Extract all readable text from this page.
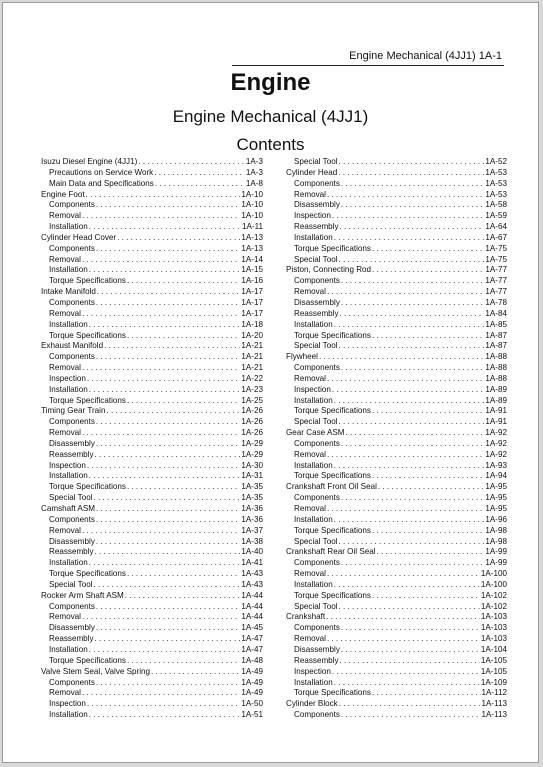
Engine Mechanical (4JJ1) 1A-1
Engine
Engine Mechanical (4JJ1)
Contents
Isuzu Diesel Engine (4JJ1) . . .	1A-3
Precautions on Service Work . . .	1A-3
Main Data and Specifications . . .	1A-8
Engine Foot . . .	1A-10
Components . . .	1A-10
Removal . . .	1A-10
Installation . . .	1A-11
Cylinder Head Cover . . .	1A-13
Components . . .	1A-13
Removal . . .	1A-14
Installation . . .	1A-15
Torque Specifications . . .	1A-16
Intake Manifold . . .	1A-17
Components . . .	1A-17
Removal . . .	1A-17
Installation . . .	1A-18
Torque Specifications . . .	1A-20
Exhaust Manifold . . .	1A-21
Components . . .	1A-21
Removal . . .	1A-21
Inspection . . .	1A-22
Installation . . .	1A-23
Torque Specifications . . .	1A-25
Timing Gear Train . . .	1A-26
Components . . .	1A-26
Removal . . .	1A-26
Disassembly . . .	1A-29
Reassembly . . .	1A-29
Inspection . . .	1A-30
Installation . . .	1A-31
Torque Specifications . . .	1A-35
Special Tool . . .	1A-35
Camshaft ASM . . .	1A-36
Components . . .	1A-36
Removal . . .	1A-37
Disassembly . . .	1A-38
Reassembly . . .	1A-40
Installation . . .	1A-41
Torque Specifications . . .	1A-43
Special Tool . . .	1A-43
Rocker Arm Shaft ASM . . .	1A-44
Components . . .	1A-44
Removal . . .	1A-44
Disassembly . . .	1A-45
Reassembly . . .	1A-47
Installation . . .	1A-47
Torque Specifications . . .	1A-48
Valve Stem Seal, Valve Spring . . .	1A-49
Components . . .	1A-49
Removal . . .	1A-49
Inspection . . .	1A-50
Installation . . .	1A-51
Special Tool . . .	1A-52
Cylinder Head . . .	1A-53
Components . . .	1A-53
Removal . . .	1A-53
Disassembly . . .	1A-58
Inspection . . .	1A-59
Reassembly . . .	1A-64
Installation . . .	1A-67
Torque Specifications . . .	1A-75
Special Tool . . .	1A-75
Piston, Connecting Rod . . .	1A-77
Components . . .	1A-77
Removal . . .	1A-77
Disassembly . . .	1A-78
Reassembly . . .	1A-84
Installation . . .	1A-85
Torque Specifications . . .	1A-87
Special Tool . . .	1A-87
Flywheel . . .	1A-88
Components . . .	1A-88
Removal . . .	1A-88
Inspection . . .	1A-89
Installation . . .	1A-89
Torque Specifications . . .	1A-91
Special Tool . . .	1A-91
Gear Case ASM . . .	1A-92
Components . . .	1A-92
Removal . . .	1A-92
Installation . . .	1A-93
Torque Specifications . . .	1A-94
Crankshaft Front Oil Seal . . .	1A-95
Components . . .	1A-95
Removal . . .	1A-95
Installation . . .	1A-96
Torque Specifications . . .	1A-98
Special Tool . . .	1A-98
Crankshaft Rear Oil Seal . . .	1A-99
Components . . .	1A-99
Removal . . .	1A-100
Installation . . .	1A-100
Torque Specifications . . .	1A-102
Special Tool . . .	1A-102
Crankshaft . . .	1A-103
Components . . .	1A-103
Removal . . .	1A-103
Disassembly . . .	1A-104
Reassembly . . .	1A-105
Inspection . . .	1A-105
Installation . . .	1A-109
Torque Specifications . . .	1A-112
Cylinder Block . . .	1A-113
Components . . .	1A-113
